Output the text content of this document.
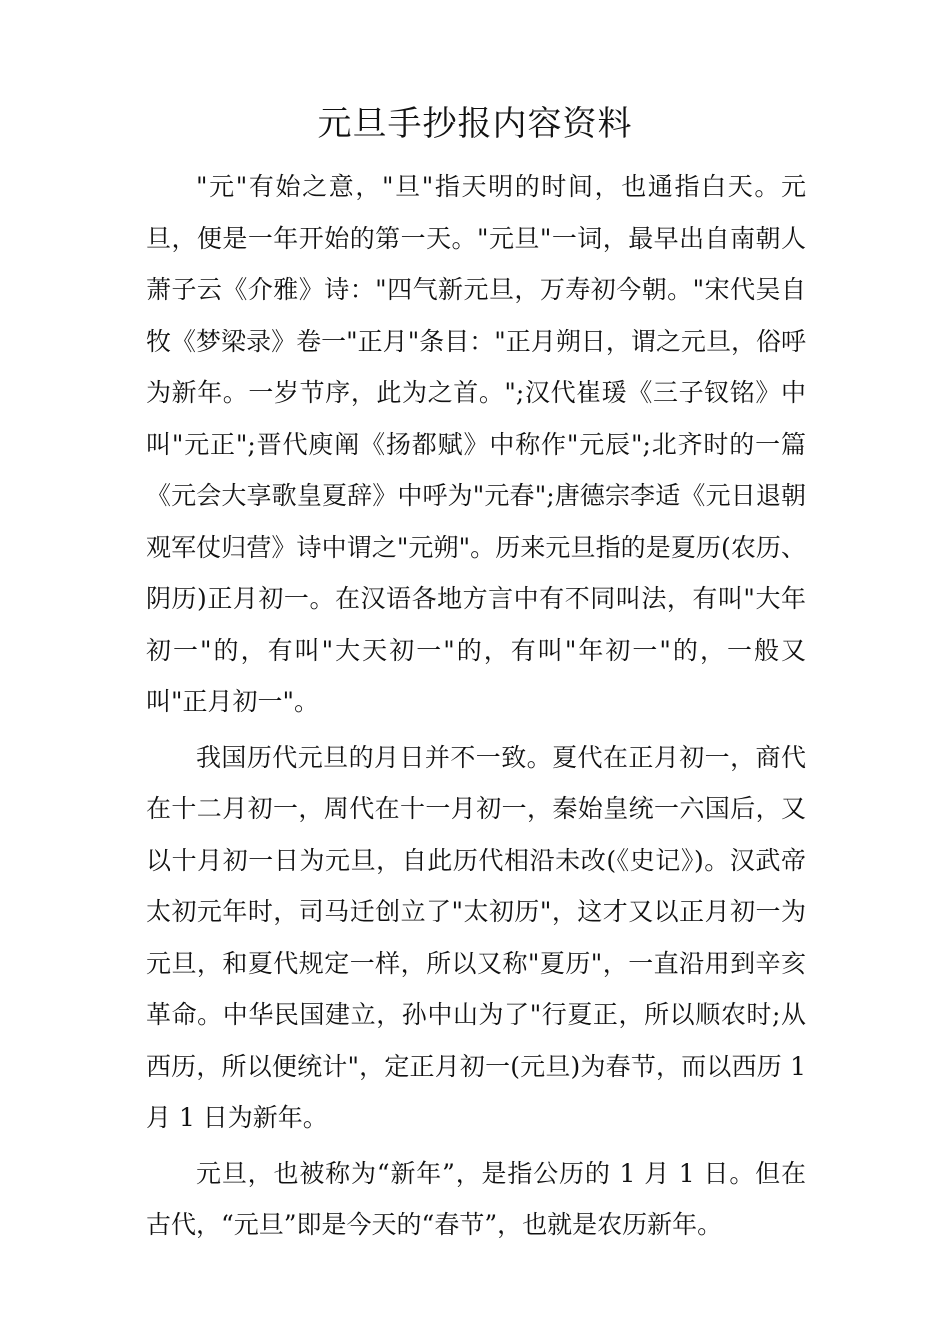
元旦手抄报内容资料

"元"有始之意，"旦"指天明的时间，也通指白天。元旦，便是一年开始的第一天。"元旦"一词，最早出自南朝人萧子云《介雅》诗："四气新元旦，万寿初今朝。"宋代吴自牧《梦梁录》卷一"正月"条目："正月朔日，谓之元旦，俗呼为新年。一岁节序，此为之首。";汉代崔瑗《三子钗铭》中叫"元正";晋代庾阐《扬都赋》中称作"元辰";北齐时的一篇《元会大享歌皇夏辞》中呼为"元春";唐德宗李适《元日退朝观军仗归营》诗中谓之"元朔"。历来元旦指的是夏历(农历、阴历)正月初一。在汉语各地方言中有不同叫法，有叫"大年初一"的，有叫"大天初一"的，有叫"年初一"的，一般又叫"正月初一"。

我国历代元旦的月日并不一致。夏代在正月初一，商代在十二月初一，周代在十一月初一，秦始皇统一六国后，又以十月初一日为元旦，自此历代相沿未改(《史记》)。汉武帝太初元年时，司马迁创立了"太初历"，这才又以正月初一为元旦，和夏代规定一样，所以又称"夏历"，一直沿用到辛亥革命。中华民国建立，孙中山为了"行夏正，所以顺农时;从西历，所以便统计"，定正月初一(元旦)为春节，而以西历 1 月 1 日为新年。

元旦，也被称为“新年”，是指公历的 1 月 1 日。但在古代，“元旦”即是今天的“春节”，也就是农历新年。
